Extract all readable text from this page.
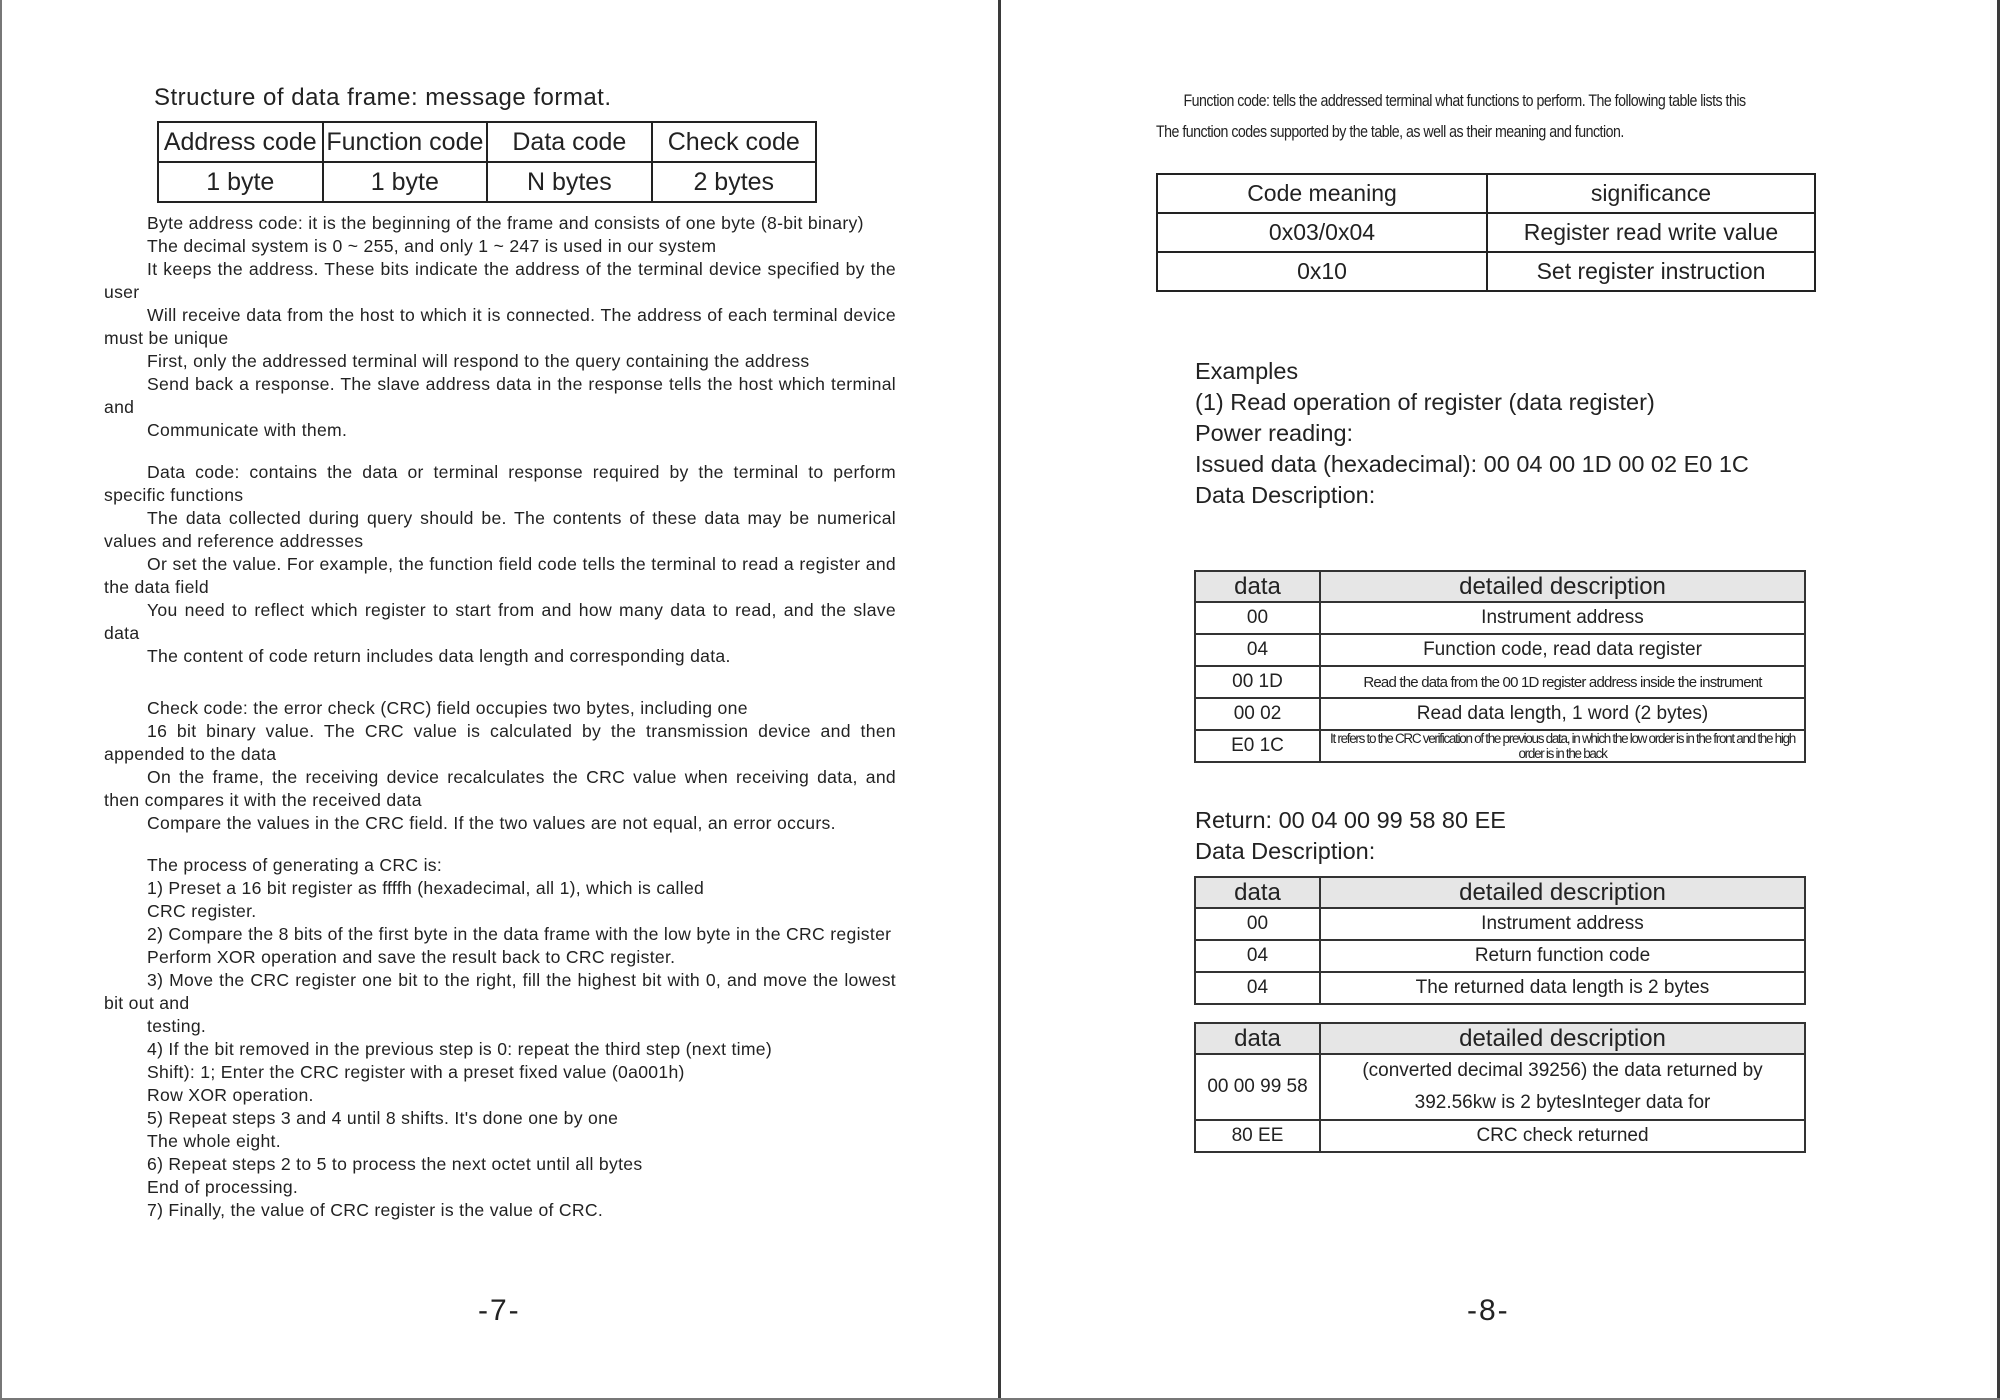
Structure of data frame: message format.
Address code	Function code	Data code	Check code
1 byte	1 byte	N bytes	2 bytes

Byte address code: it is the beginning of the frame and consists of one byte (8-bit binary)

The decimal system is 0 ~ 255, and only 1 ~ 247 is used in our system

It keeps the address. These bits indicate the address of the terminal device specified by the user

Will receive data from the host to which it is connected. The address of each terminal device must be unique

First, only the addressed terminal will respond to the query containing the address

Send back a response. The slave address data in the response tells the host which terminal and

Communicate with them.

Data code: contains the data or terminal response required by the terminal to perform specific functions

The data collected during query should be. The contents of these data may be numerical values and reference addresses

Or set the value. For example, the function field code tells the terminal to read a register and the data field

You need to reflect which register to start from and how many data to read, and the slave data

The content of code return includes data length and corresponding data.

Check code: the error check (CRC) field occupies two bytes, including one

16 bit binary value. The CRC value is calculated by the transmission device and then appended to the data

On the frame, the receiving device recalculates the CRC value when receiving data, and then compares it with the received data

Compare the values in the CRC field. If the two values are not equal, an error occurs.

The process of generating a CRC is:

1) Preset a 16 bit register as ffffh (hexadecimal, all 1), which is called

CRC register.

2) Compare the 8 bits of the first byte in the data frame with the low byte in the CRC register

Perform XOR operation and save the result back to CRC register.

3) Move the CRC register one bit to the right, fill the highest bit with 0, and move the lowest bit out and

testing.

4) If the bit removed in the previous step is 0: repeat the third step (next time)

Shift): 1; Enter the CRC register with a preset fixed value (0a001h)

Row XOR operation.

5) Repeat steps 3 and 4 until 8 shifts. It's done one by one

The whole eight.

6) Repeat steps 2 to 5 to process the next octet until all bytes

End of processing.

7) Finally, the value of CRC register is the value of CRC.

-7-

Function code: tells the addressed terminal what functions to perform. The following table lists this

The function codes supported by the table, as well as their meaning and function.
Code meaning	significance
0x03/0x04	Register read write value
0x10	Set register instruction
Examples
(1) Read operation of register (data register)
Power reading:
Issued data (hexadecimal): 00 04 00 1D 00 02 E0 1C
Data Description:
data	detailed description
00	Instrument address
04	Function code, read data register
00 1D	Read the data from the 00 1D register address inside the instrument
00 02	Read data length, 1 word (2 bytes)
E0 1C	It refers to the CRC verification of the previous data, in which the low order is in the front and the high order is in the back
Return: 00 04 00 99 58 80 EE
Data Description:
data	detailed description
00	Instrument address
04	Return function code
04	The returned data length is 2 bytes
data	detailed description
00 00 99 58	(converted decimal 39256) the data returned by
392.56kw is 2 bytesInteger data for

80 EE	CRC check returned
-8-
